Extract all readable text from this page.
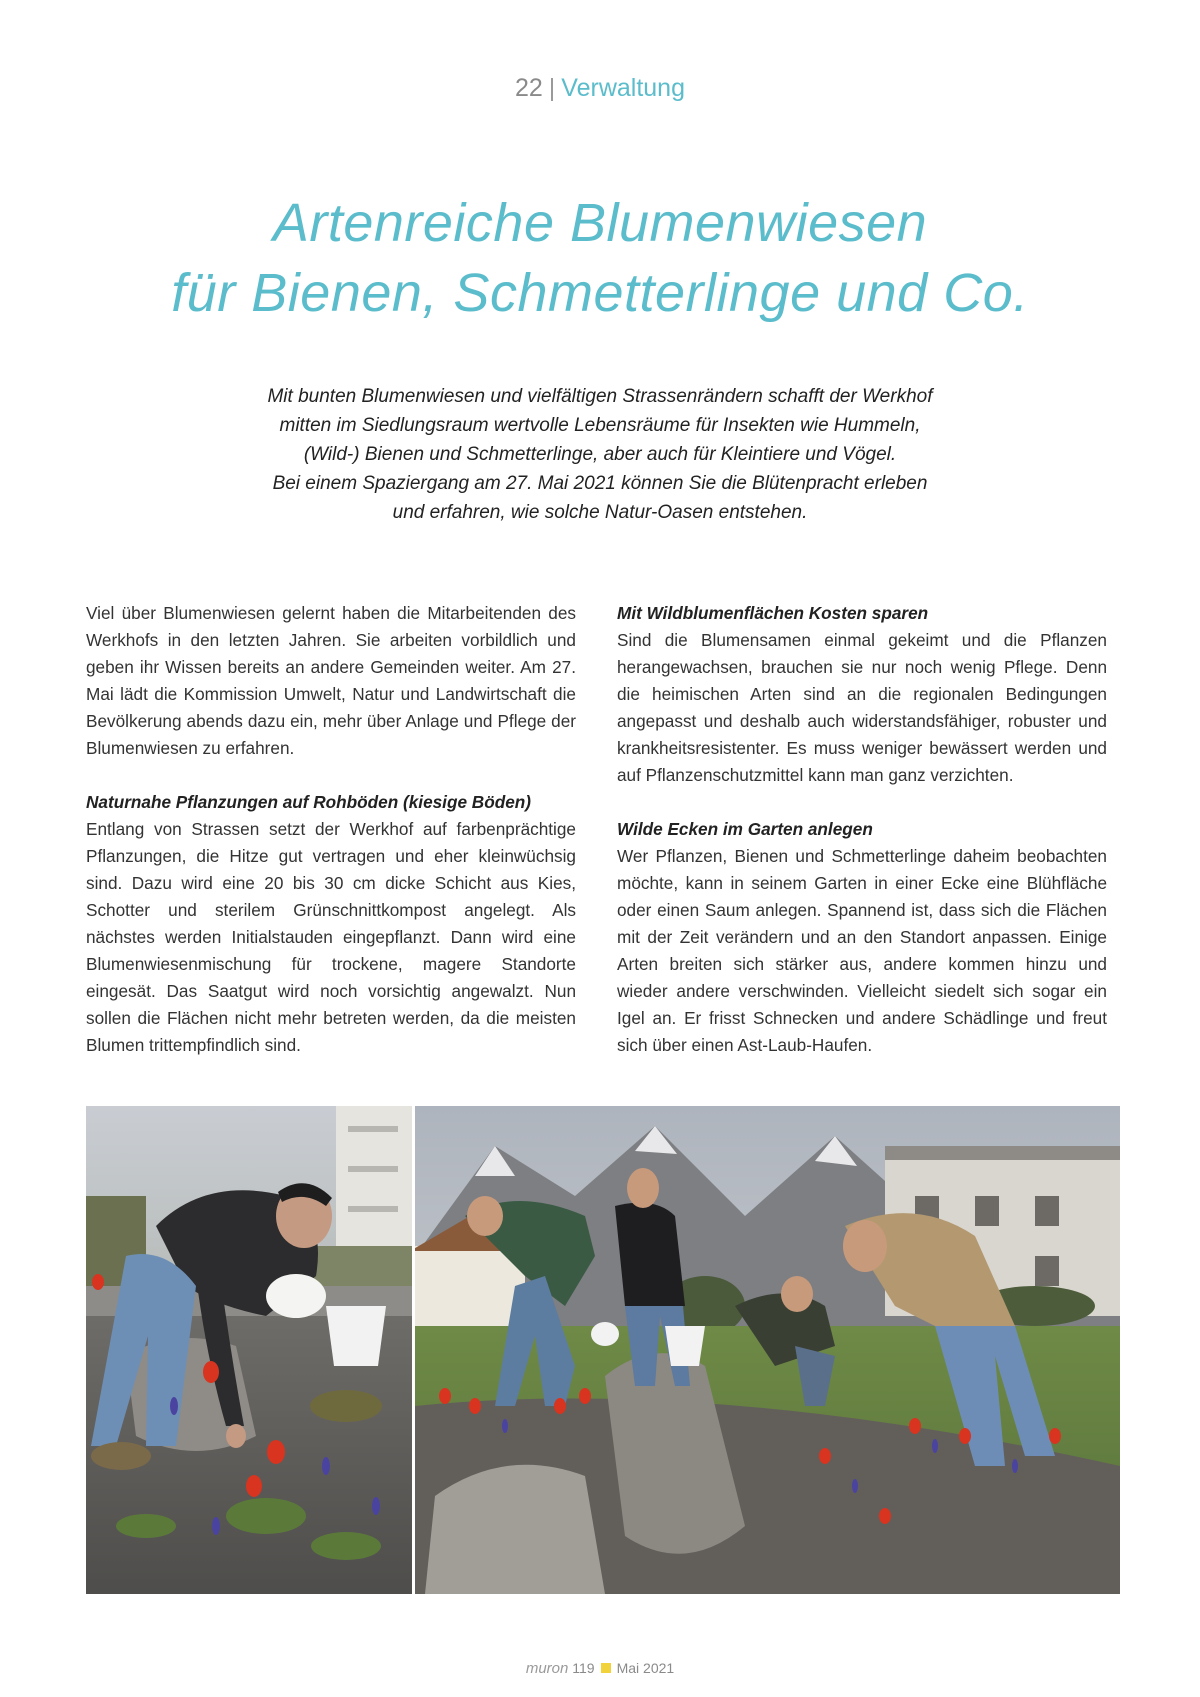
22 | Verwaltung
Artenreiche Blumenwiesen
für Bienen, Schmetterlinge und Co.
Mit bunten Blumenwiesen und vielfältigen Strassenrändern schafft der Werkhof
mitten im Siedlungsraum wertvolle Lebensräume für Insekten wie Hummeln,
(Wild-) Bienen und Schmetterlinge, aber auch für Kleintiere und Vögel.
Bei einem Spaziergang am 27. Mai 2021 können Sie die Blütenpracht erleben
und erfahren, wie solche Natur-Oasen entstehen.

Viel über Blumenwiesen gelernt haben die Mitarbeitenden des Werkhofs in den letzten Jahren. Sie arbeiten vorbildlich und geben ihr Wissen bereits an andere Gemeinden weiter. Am 27. Mai lädt die Kommission Umwelt, Natur und Landwirtschaft die Bevölkerung abends dazu ein, mehr über Anlage und Pflege der Blumenwiesen zu erfahren.

Naturnahe Pflanzungen auf Rohböden (kiesige Böden)

Entlang von Strassen setzt der Werkhof auf farbenprächtige Pflanzungen, die Hitze gut vertragen und eher kleinwüchsig sind. Dazu wird eine 20 bis 30 cm dicke Schicht aus Kies, Schotter und sterilem Grünschnittkompost angelegt. Als nächstes werden Initialstauden eingepflanzt. Dann wird eine Blumenwiesenmischung für trockene, magere Standorte eingesät. Das Saatgut wird noch vorsichtig angewalzt. Nun sollen die Flächen nicht mehr betreten werden, da die meisten Blumen trittempfindlich sind.

Mit Wildblumenflächen Kosten sparen

Sind die Blumensamen einmal gekeimt und die Pflanzen herangewachsen, brauchen sie nur noch wenig Pflege. Denn die heimischen Arten sind an die regionalen Bedingungen angepasst und deshalb auch widerstandsfähiger, robuster und krankheitsresistenter. Es muss weniger bewässert werden und auf Pflanzenschutzmittel kann man ganz verzichten.

Wilde Ecken im Garten anlegen

Wer Pflanzen, Bienen und Schmetterlinge daheim beobachten möchte, kann in seinem Garten in einer Ecke eine Blühfläche oder einen Saum anlegen. Spannend ist, dass sich die Flächen mit der Zeit verändern und an den Standort anpassen. Einige Arten breiten sich stärker aus, andere kommen hinzu und wieder andere verschwinden. Vielleicht siedelt sich sogar ein Igel an. Er frisst Schnecken und andere Schädlinge und freut sich über einen Ast-Laub-Haufen.

muron 119 Mai 2021
